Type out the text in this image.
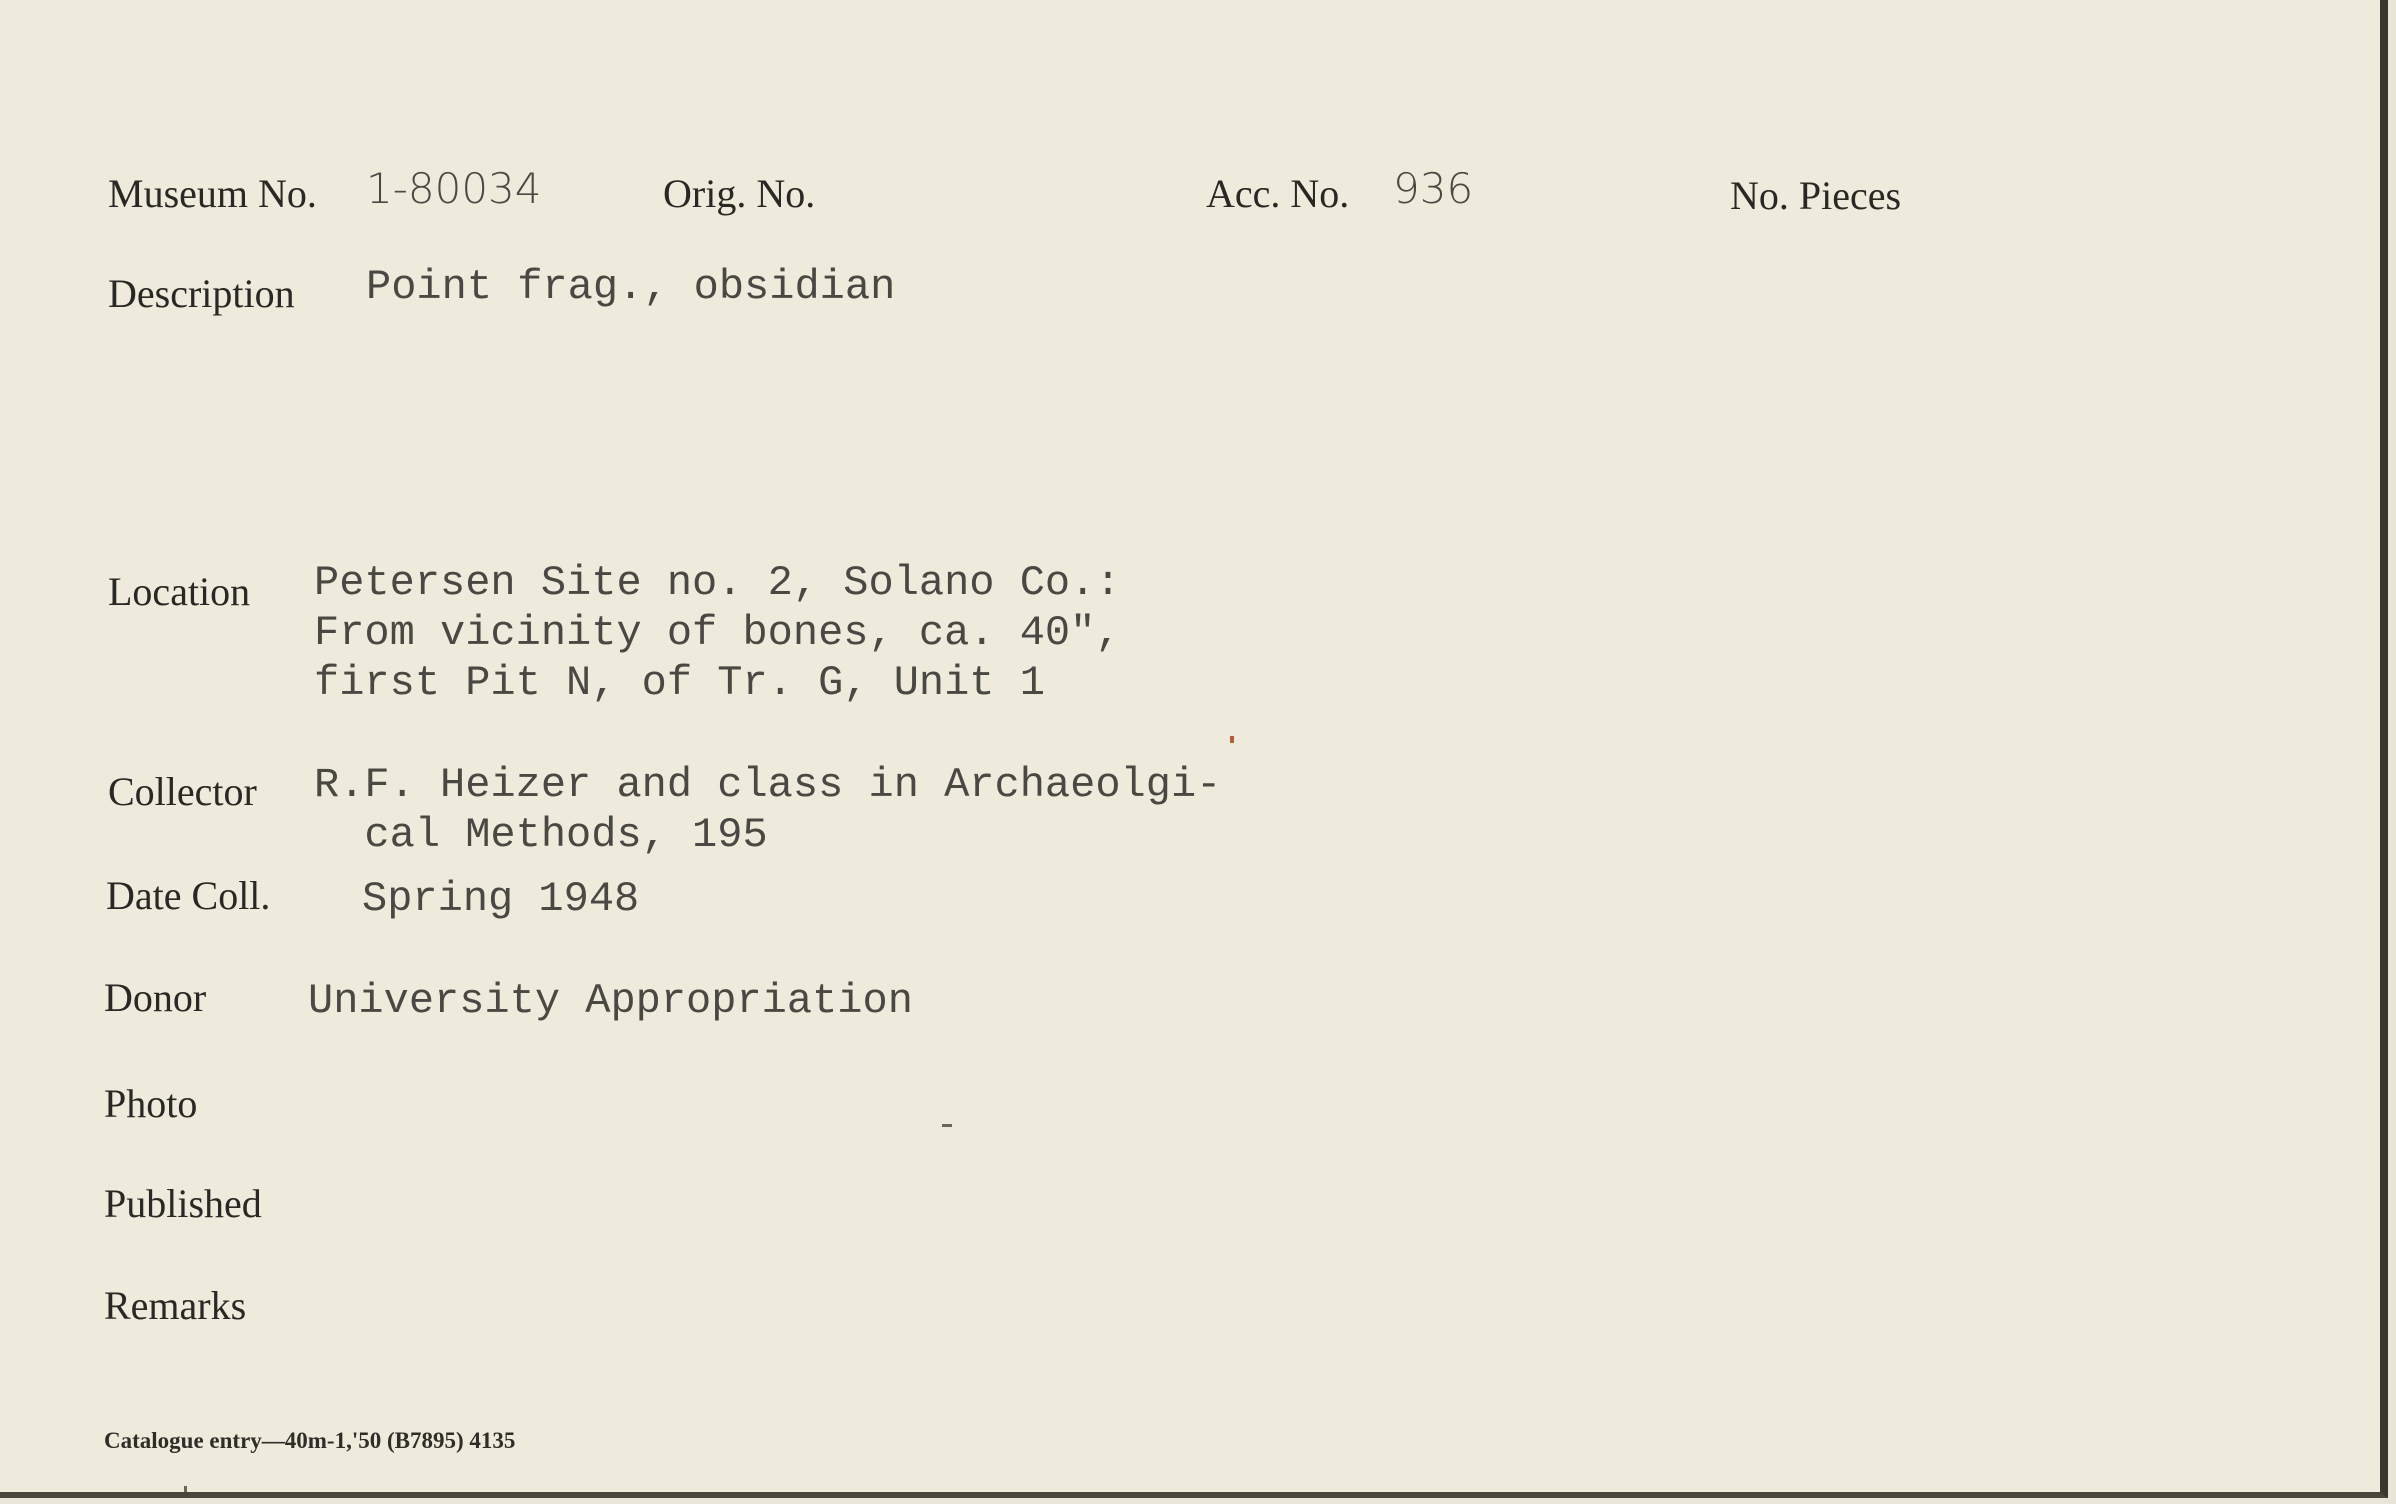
Museum No. 1-80034	Orig. No.	Acc. No. 936	No. Pieces
Description Point frag., obsidian
Location Petersen Site no. 2, Solano Co.:
From vicinity of bones, ca. 40",
first Pit N, of Tr. G, Unit 1
Collector R.F. Heizer and class in Archaeolgi-
cal Methods, 195
Date Coll. Spring 1948
Donor University Appropriation
Photo
Published
Remarks
Catalogue entry—40m-1,'50 (B7895) 4135
